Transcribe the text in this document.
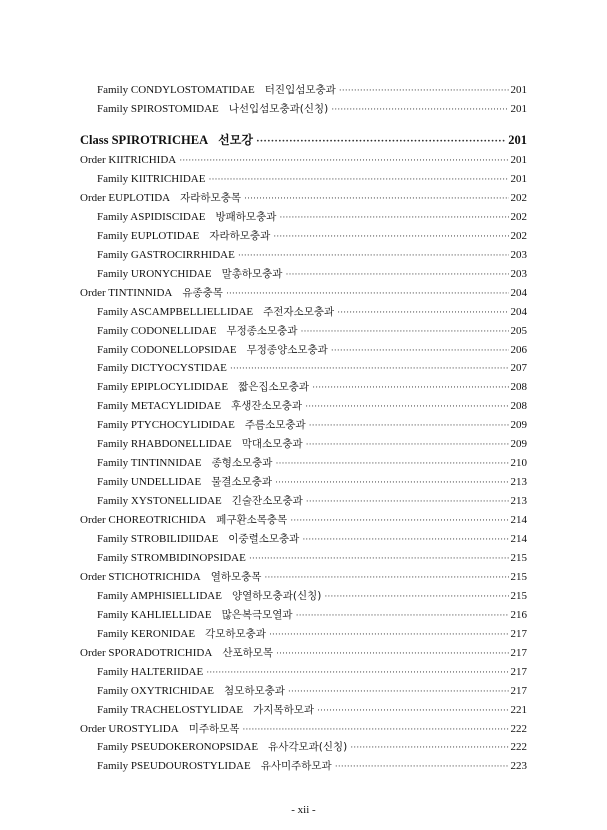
Family CONDYLOSTOMATIDAE 터진입섬모충과 ·····	201
Family SPIROSTOMIDAE 나선입섬모충과(신칭) ·····	201
Class SPIROTRICHEA 선모강 ·····	201
Order KIITRICHIDA ·····	201
Family KIITRICHIDAE ·····	201
Order EUPLOTIDA 자라하모충목 ·····	202
Family ASPIDISCIDAE 방패하모충과 ·····	202
Family EUPLOTIDAE 자라하모충과 ·····	202
Family GASTROCIRRHIDAE ·····	203
Family URONYCHIDAE 말총하모충과 ·····	203
Order TINTINNIDA 유종충목 ·····	204
Family ASCAMPBELLIELLIDAE 주전자소모충과 ·····	204
Family CODONELLIDAE 무정종소모충과 ·····	205
Family CODONELLOPSIDAE 무정종양소모충과 ·····	206
Family DICTYOCYSTIDAE ·····	207
Family EPIPLOCYLIDIDAE 짧은집소모충과 ·····	208
Family METACYLIDIDAE 후생잔소모충과 ·····	208
Family PTYCHOCYLIDIDAE 주름소모충과 ·····	209
Family RHABDONELLIDAE 막대소모충과 ·····	209
Family TINTINNIDAE 종형소모충과 ·····	210
Family UNDELLIDAE 물결소모충과 ·····	213
Family XYSTONELLIDAE 긴술잔소모충과 ·····	213
Order CHOREOTRICHIDA 페구환소목충목 ·····	214
Family STROBILIDIIDAE 이중렬소모충과 ·····	214
Family STROMBIDINOPSIDAE ·····	215
Order STICHOTRICHIDA 열하모충목 ·····	215
Family AMPHISIELLIDAE 양열하모충과(신칭) ·····	215
Family KAHLIELLIDAE 많은복극모열과 ·····	216
Family KERONIDAE 각모하모충과 ·····	217
Order SPORADOTRICHIDA 산포하모목 ·····	217
Family HALTERIIDAE ·····	217
Family OXYTRICHIDAE 첨모하모충과 ·····	217
Family TRACHELOSTYLIDAE 가지목하모과 ·····	221
Order UROSTYLIDA 미주하모목 ·····	222
Family PSEUDOKERONOPSIDAE 유사각모과(신칭) ·····	222
Family PSEUDOUROSTYLIDAE 유사미주하모과 ·····	223
- xii -
